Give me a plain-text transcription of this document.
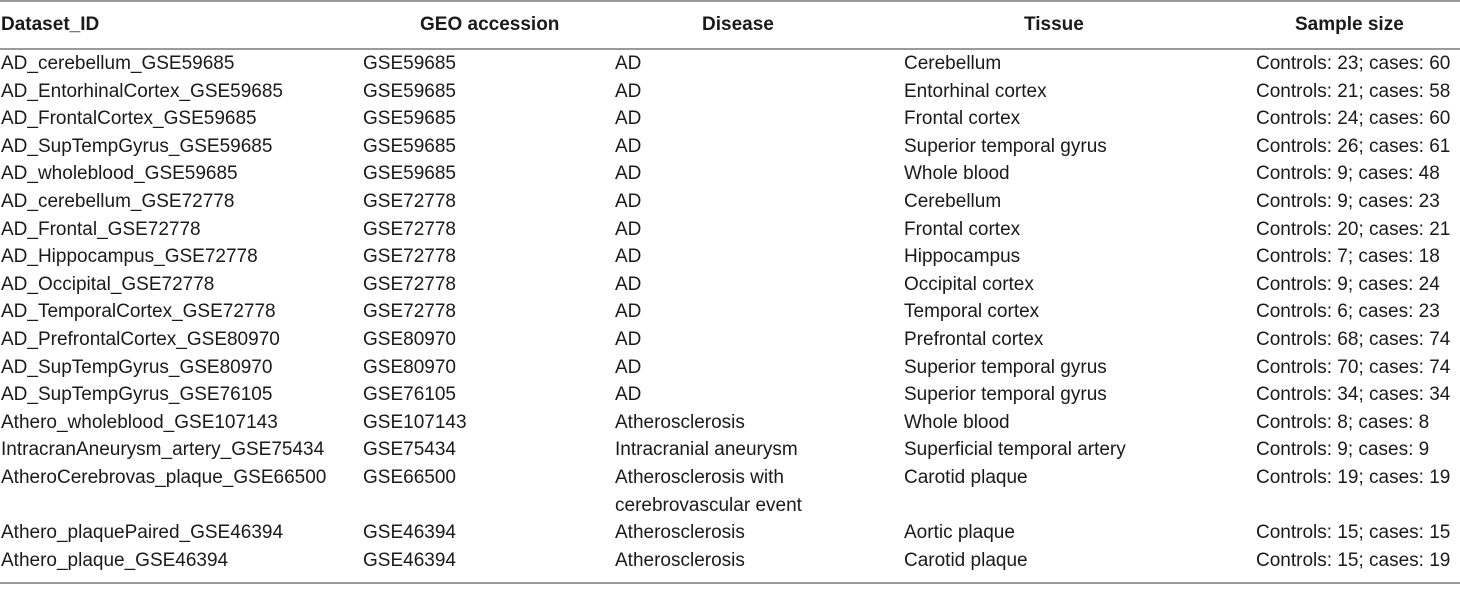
Dataset_ID	GEO accession	Disease	Tissue	Sample size
AD_cerebellum_GSE59685	GSE59685	AD	Cerebellum	Controls: 23; cases: 60
AD_EntorhinalCortex_GSE59685	GSE59685	AD	Entorhinal cortex	Controls: 21; cases: 58
AD_FrontalCortex_GSE59685	GSE59685	AD	Frontal cortex	Controls: 24; cases: 60
AD_SupTempGyrus_GSE59685	GSE59685	AD	Superior temporal gyrus	Controls: 26; cases: 61
AD_wholeblood_GSE59685	GSE59685	AD	Whole blood	Controls: 9; cases: 48
AD_cerebellum_GSE72778	GSE72778	AD	Cerebellum	Controls: 9; cases: 23
AD_Frontal_GSE72778	GSE72778	AD	Frontal cortex	Controls: 20; cases: 21
AD_Hippocampus_GSE72778	GSE72778	AD	Hippocampus	Controls: 7; cases: 18
AD_Occipital_GSE72778	GSE72778	AD	Occipital cortex	Controls: 9; cases: 24
AD_TemporalCortex_GSE72778	GSE72778	AD	Temporal cortex	Controls: 6; cases: 23
AD_PrefrontalCortex_GSE80970	GSE80970	AD	Prefrontal cortex	Controls: 68; cases: 74
AD_SupTempGyrus_GSE80970	GSE80970	AD	Superior temporal gyrus	Controls: 70; cases: 74
AD_SupTempGyrus_GSE76105	GSE76105	AD	Superior temporal gyrus	Controls: 34; cases: 34
Athero_wholeblood_GSE107143	GSE107143	Atherosclerosis	Whole blood	Controls: 8; cases: 8
IntracranAneurysm_artery_GSE75434	GSE75434	Intracranial aneurysm	Superficial temporal artery	Controls: 9; cases: 9
AtheroCerebrovas_plaque_GSE66500	GSE66500	Atherosclerosis with cerebrovascular event	Carotid plaque	Controls: 19; cases: 19
Athero_plaquePaired_GSE46394	GSE46394	Atherosclerosis	Aortic plaque	Controls: 15; cases: 15
Athero_plaque_GSE46394	GSE46394	Atherosclerosis	Carotid plaque	Controls: 15; cases: 19
